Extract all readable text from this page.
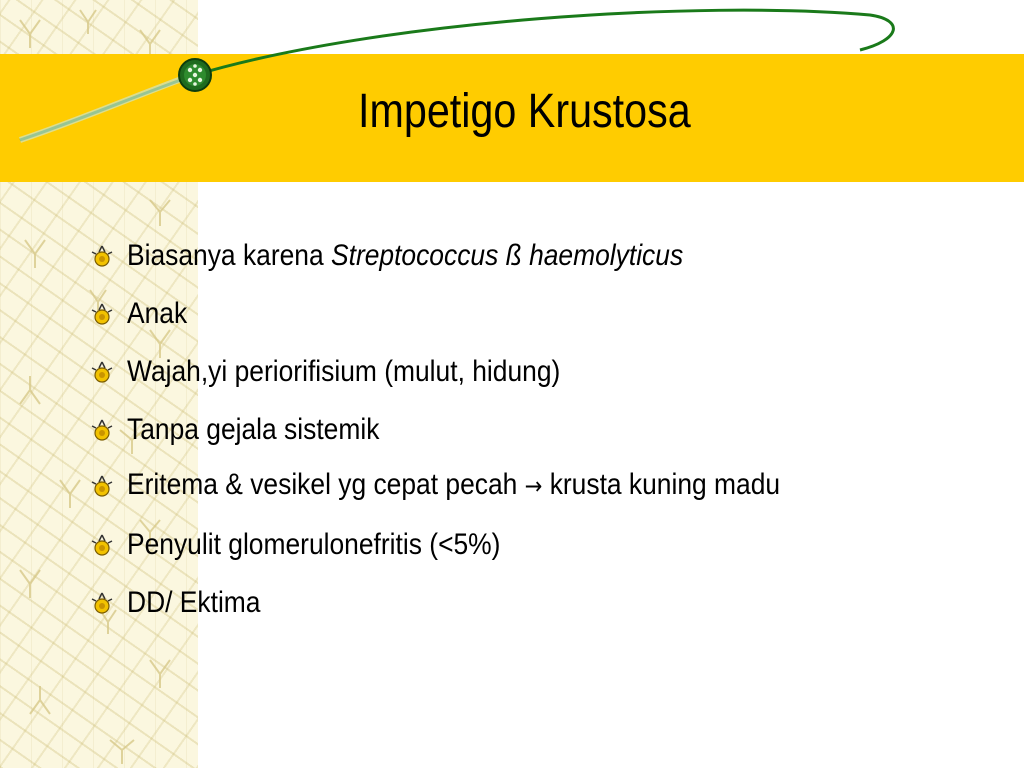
Impetigo Krustosa
Biasanya karena Streptococcus ß haemolyticus
Anak
Wajah,yi periorifisium (mulut, hidung)
Tanpa gejala sistemik
Eritema & vesikel yg cepat pecah → krusta kuning madu
Penyulit glomerulonefritis (<5%)
DD/ Ektima
